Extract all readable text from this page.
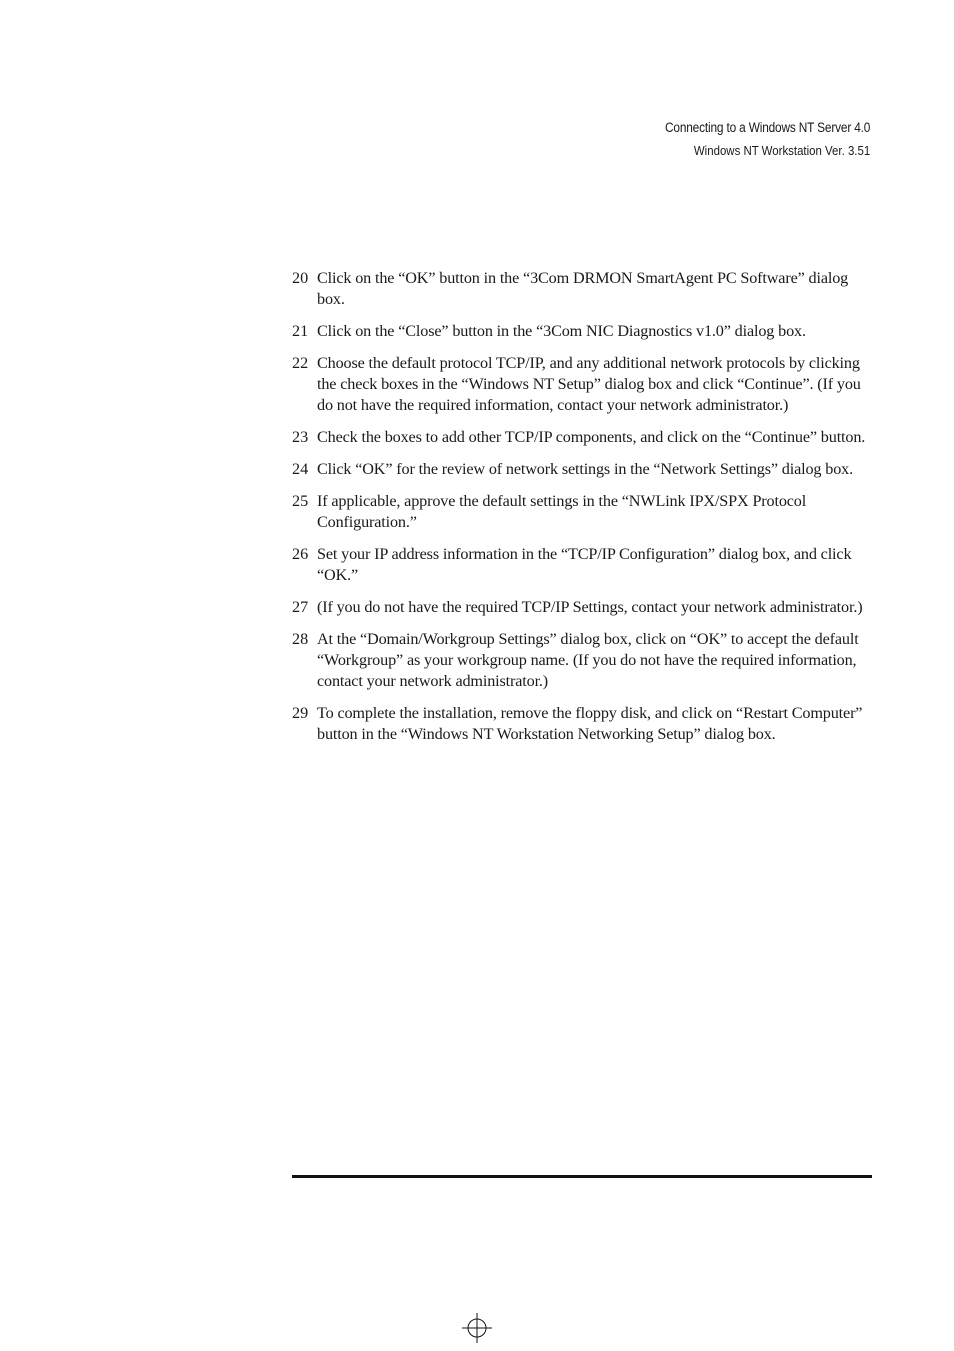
Connecting to a Windows NT Server 4.0
Windows NT Workstation Ver. 3.51
20 Click on the “OK” button in the “3Com DRMON SmartAgent PC Software” dialog box.
21 Click on the “Close” button in the “3Com NIC Diagnostics v1.0” dialog box.
22 Choose the default protocol TCP/IP, and any additional network protocols by clicking the check boxes in the “Windows NT Setup” dialog box and click “Continue”. (If you do not have the required information, contact your network administrator.)
23 Check the boxes to add other TCP/IP components, and click on the “Continue” button.
24 Click “OK” for the review of network settings in the “Network Settings” dialog box.
25 If applicable, approve the default settings in the “NWLink IPX/SPX Protocol Configuration.”
26 Set your IP address information in the “TCP/IP Configuration” dialog box, and click “OK.”
27 (If you do not have the required TCP/IP Settings, contact your network administrator.)
28 At the “Domain/Workgroup Settings” dialog box, click on “OK” to accept the default “Workgroup” as your workgroup name. (If you do not have the required information, contact your network administrator.)
29 To complete the installation, remove the floppy disk, and click on “Restart Computer” button in the “Windows NT Workstation Networking Setup” dialog box.
